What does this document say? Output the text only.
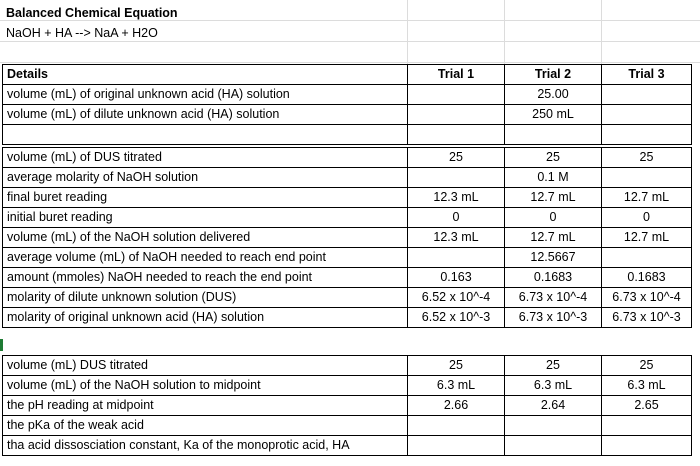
Balanced Chemical Equation
NaOH + HA --> NaA + H2O
Details	Trial 1	Trial 2	Trial 3
volume (mL) of original unknown acid (HA) solution		25.00	
volume (mL) of dilute unknown acid (HA) solution		250 mL	

volume (mL) of DUS titrated	25	25	25
average molarity of NaOH solution		0.1 M	
final buret reading	12.3 mL	12.7 mL	12.7 mL
initial buret reading	0	0	0
volume (mL) of the NaOH solution delivered	12.3 mL	12.7 mL	12.7 mL
average volume (mL) of NaOH needed to reach end point		12.5667	
amount (mmoles) NaOH needed to reach the end point	0.163	0.1683	0.1683
molarity of dilute unknown solution (DUS)	6.52 x 10^-4	6.73 x 10^-4	6.73 x 10^-4
molarity of original unknown acid (HA) solution	6.52 x 10^-3	6.73 x 10^-3	6.73 x 10^-3
volume (mL) DUS titrated	25	25	25
volume (mL) of the NaOH solution to midpoint	6.3 mL	6.3 mL	6.3 mL
the pH reading at midpoint	2.66	2.64	2.65
the pKa of the weak acid			
tha acid dissosciation constant, Ka of the monoprotic acid, HA			
